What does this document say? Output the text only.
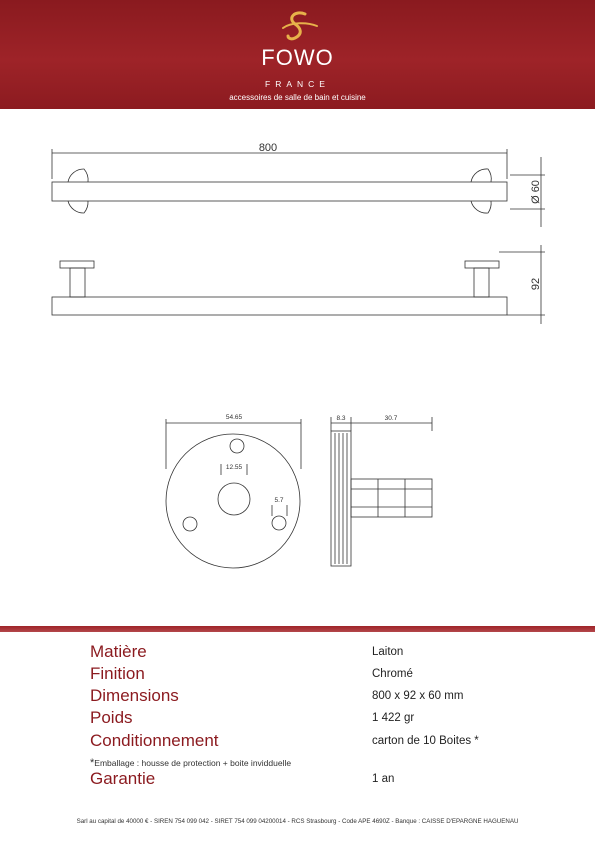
FOWO
FRANCE
accessoires de salle de bain et cuisine
800
Ø 60
92
54.65
12.55
5.7
8.3	30.7
Matière	Laiton
Finition	Chromé
Dimensions	800 x 92 x 60 mm
Poids	1 422 gr
Conditionnement	carton de 10 Boites *
*Emballage : housse de protection + boite invidduelle
Garantie	1 an
Sarl au capital de 40000 € - SIREN 754 099 042 - SIRET 754 099 04200014 - RCS Strasbourg - Code APE 4690Z - Banque : CAISSE D'EPARGNE HAGUENAU
